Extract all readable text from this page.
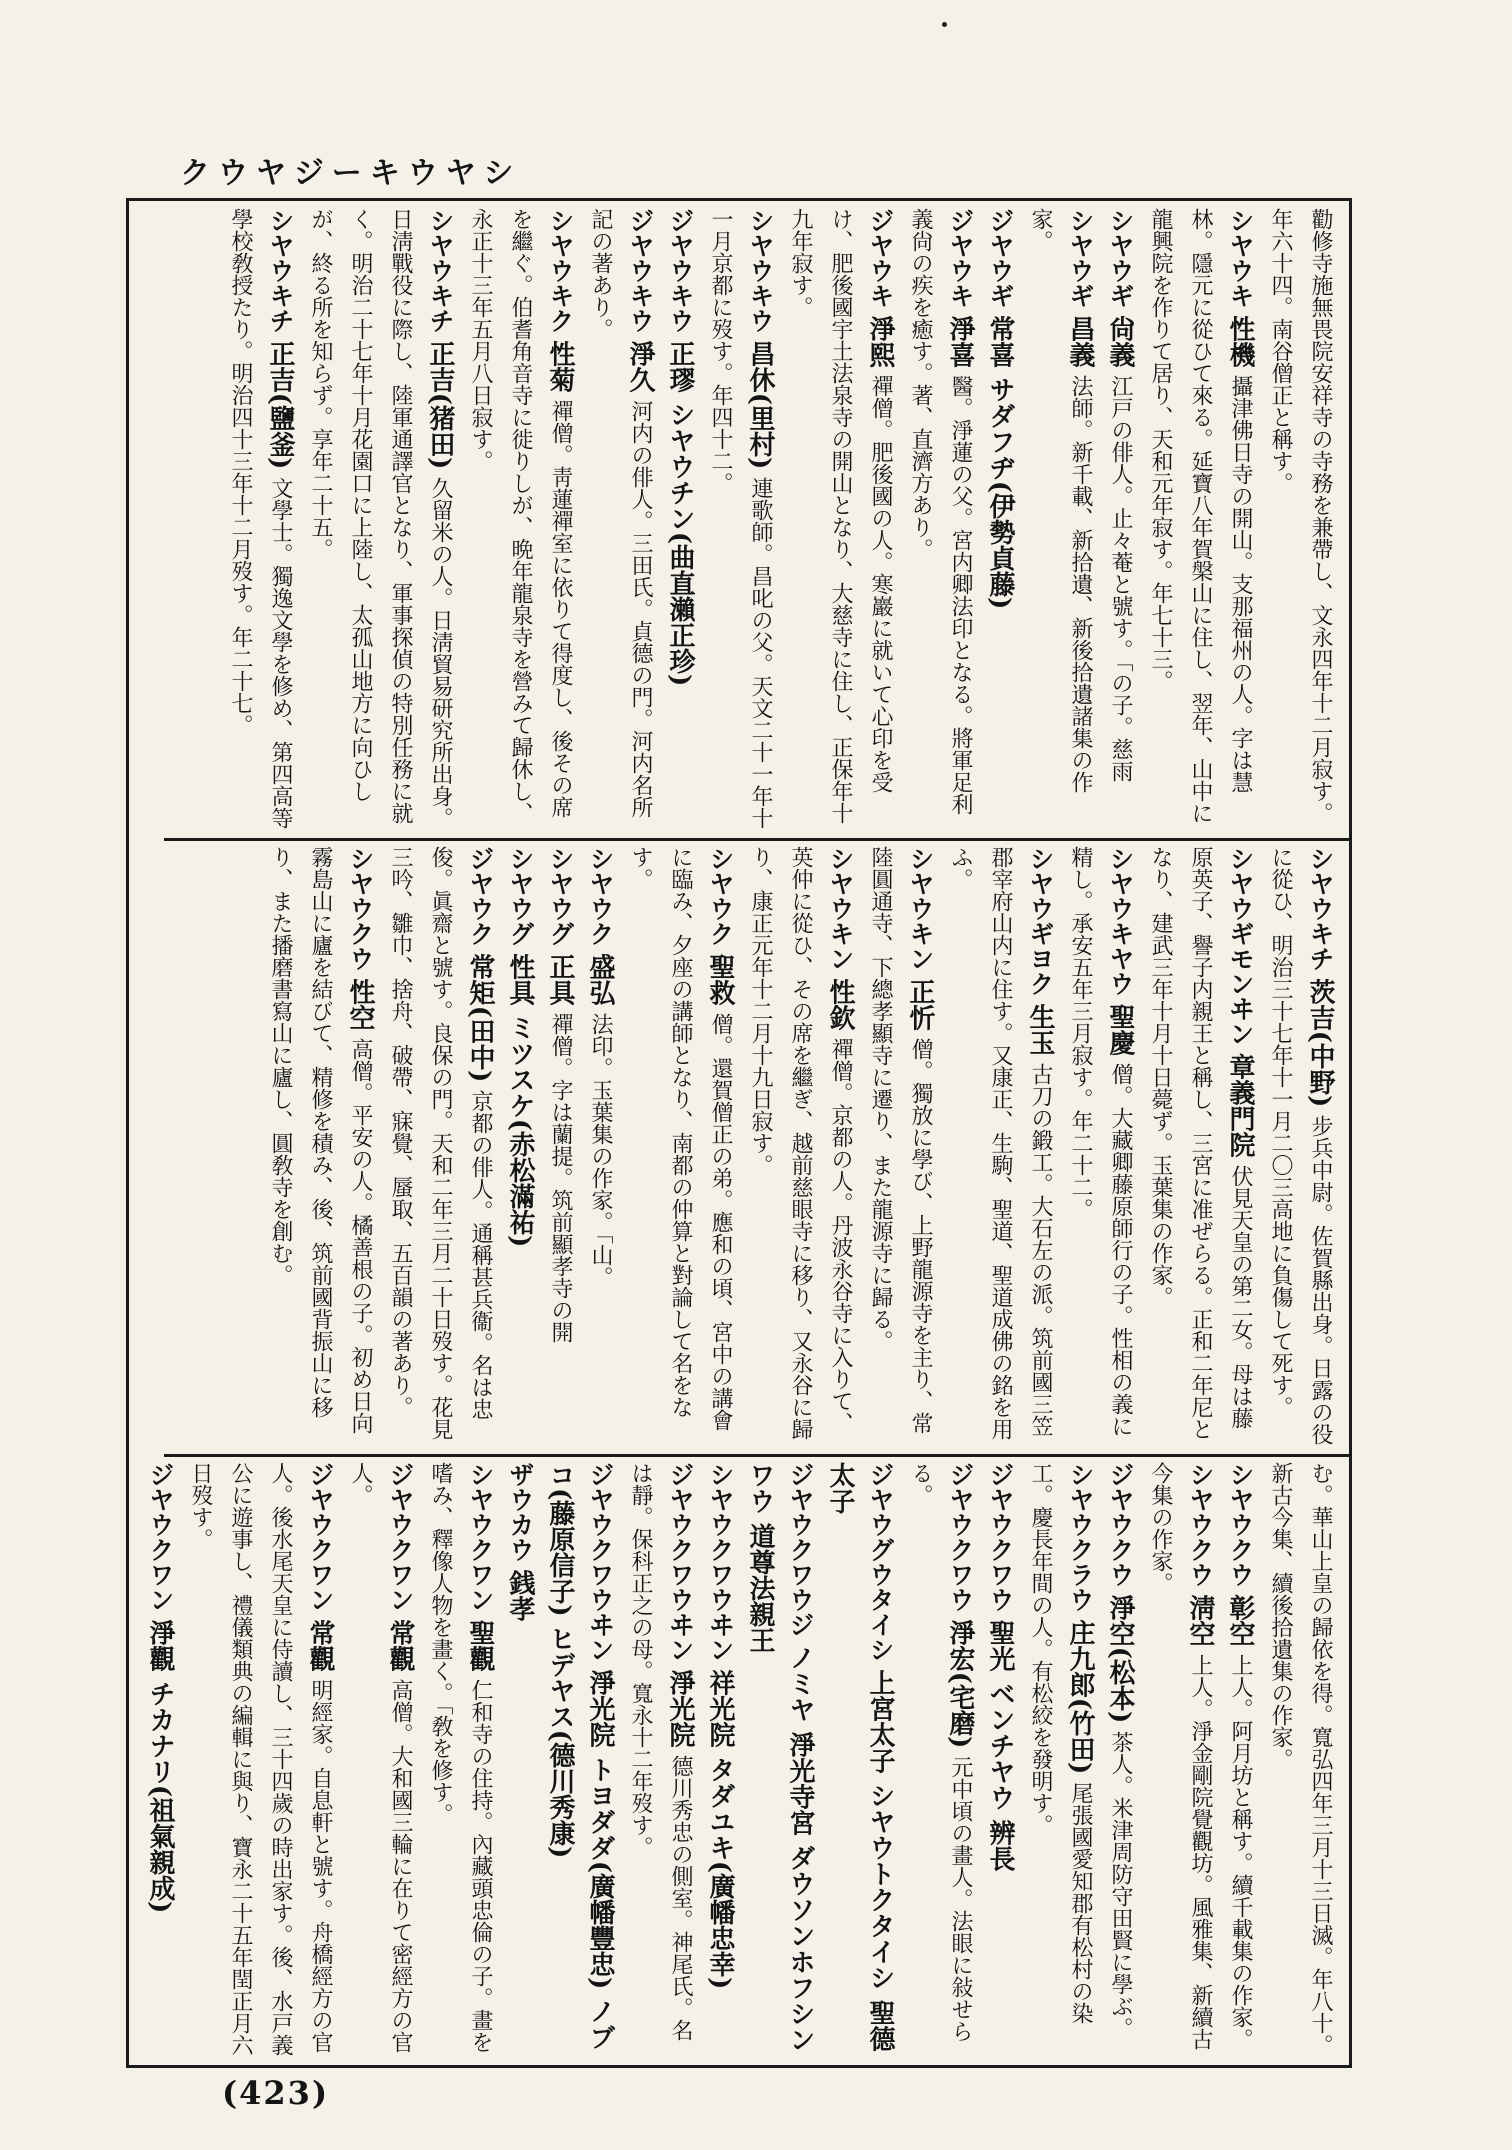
クウヤジーキウヤシ
勸修寺施無畏院安祥寺の寺務を兼帶し、文永四年十二月寂す。年六十四。南谷僧正と稱す。
シヤウキ 性機 攝津佛日寺の開山。支那福州の人。字は慧林。隱元に從ひて來る。延寶八年賀槃山に住し、翌年、山中に龍興院を作りて居り、天和元年寂す。年七十三。
シヤウギ 尙義 江戸の俳人。止々菴と號す。「の子。慈雨
シヤウギ 昌義 法師。新千載、新拾遺、新後拾遺諸集の作家。
ジヤウギ 常喜 サダフヂ(伊勢貞藤)
ジヤウキ 淨喜 醫。淨蓮の父。宮内卿法印となる。將軍足利義尙の疾を癒す。著、直濟方あり。
ジヤウキ 淨熙 禪僧。肥後國の人。寒巖に就いて心印を受け、肥後國宇土法泉寺の開山となり、大慈寺に住し、正保年十九年寂す。
シヤウキウ 昌休(里村) 連歌師。昌叱の父。天文二十一年十一月京都に歿す。年四十二。
ジヤウキウ 正璆 シヤウチン(曲直瀨正珍)
ジヤウキウ 淨久 河内の俳人。三田氏。貞德の門。河内名所記の著あり。
シヤウキク 性菊 禪僧。靑蓮禪室に依りて得度し、後その席を繼ぐ。伯耆角音寺に徙りしが、晩年龍泉寺を營みて歸休し、永正十三年五月八日寂す。
シヤウキチ 正吉(猪田) 久留米の人。日淸貿易研究所出身。日淸戰役に際し、陸軍通譯官となり、軍事探偵の特別任務に就く。明治二十七年十月花園口に上陸し、太孤山地方に向ひしが、終る所を知らず。享年二十五。
シヤウキチ 正吉(鹽釜) 文學士。獨逸文學を修め、第四高等學校敎授たり。明治四十三年十二月歿す。年二十七。
シヤウキチ 茨吉(中野) 步兵中尉。佐賀縣出身。日露の役に從ひ、明治三十七年十一月二〇三高地に負傷して死す。
シヤウギモンヰン 章義門院 伏見天皇の第二女。母は藤原英子、譽子内親王と稱し、三宮に准ぜらる。正和二年尼となり、建武三年十月十日薨ず。玉葉集の作家。
シヤウキヤウ 聖慶 僧。大藏卿藤原師行の子。性相の義に精し。承安五年三月寂す。年二十二。
シヤウギヨク 生玉 古刀の鍛工。大石左の派。筑前國三笠郡宰府山内に住す。又康正、生駒、聖道、聖道成佛の銘を用ふ。
シヤウキン 正忻 僧。獨放に學び、上野龍源寺を主り、常陸圓通寺、下總孝顯寺に遷り、また龍源寺に歸る。
シヤウキン 性欽 禪僧。京都の人。丹波永谷寺に入りて、英仲に從ひ、その席を繼ぎ、越前慈眼寺に移り、又永谷に歸り、康正元年十二月十九日寂す。
シヤウク 聖救 僧。還賀僧正の弟。應和の頃、宮中の講會に臨み、夕座の講師となり、南都の仲算と對論して名をなす。
シヤウク 盛弘 法印。玉葉集の作家。「山。
シヤウグ 正具 禪僧。字は蘭提。筑前顯孝寺の開
シヤウグ 性具 ミツスケ(赤松滿祐)
ジヤウク 常矩(田中) 京都の俳人。通稱甚兵衞。名は忠俊。眞齋と號す。良保の門。天和二年三月二十日歿す。花見三吟、雛巾、捨舟、破帶、寐覺、蜃取、五百韻の著あり。
シヤウクウ 性空 高僧。平安の人。橘善根の子。初め日向霧島山に廬を結びて、精修を積み、後、筑前國背振山に移り、また播磨書寫山に廬し、圓敎寺を創む。
む。華山上皇の歸依を得。寬弘四年三月十三日滅。年八十。新古今集、續後拾遺集の作家。
シヤウクウ 彰空 上人。阿月坊と稱す。續千載集の作家。
シヤウクウ 淸空 上人。淨金剛院覺觀坊。風雅集、新續古今集の作家。
ジヤウクウ 淨空(松本) 茶人。米津周防守田賢に學ぶ。
シヤウクラウ 庄九郎(竹田) 尾張國愛知郡有松村の染工。慶長年間の人。有松絞を發明す。
ジヤウクワウ 聖光 ベンチヤウ 辨長
ジヤウクワウ 淨宏(宅磨) 元中頃の畫人。法眼に敍せらる。
ジヤウグウタイシ 上宮太子 シヤウトクタイシ 聖德太子
ジヤウクワウジ ノミヤ 淨光寺宮 ダウソンホフシンワウ 道尊法親王
シヤウクワウヰン 祥光院 タダユキ(廣幡忠幸)
ジヤウクワウヰン 淨光院 德川秀忠の側室。神尾氏。名は靜。保科正之の母。寬永十二年歿す。
ジヤウクワウヰン 淨光院 トヨダダ(廣幡豐忠) ノブコ(藤原信子) ヒデヤス(德川秀康)
ザウカウ 銭孝
シヤウクワン 聖觀 仁和寺の住持。內藏頭忠倫の子。畫を嗜み、釋像人物を畫く。「敎を修す。
ジヤウクワン 常觀 高僧。大和國三輪に在りて密經方の官人。
ジヤウクワン 常觀 明經家。自息軒と號す。舟橋經方の官人。後水尾天皇に侍讀し、三十四歲の時出家す。後、水戸義公に遊事し、禮儀類典の編輯に與り、寶永二十五年閏正月六日歿す。
ジヤウクワン 淨觀 チカナリ(祖氣親成)
(423)
